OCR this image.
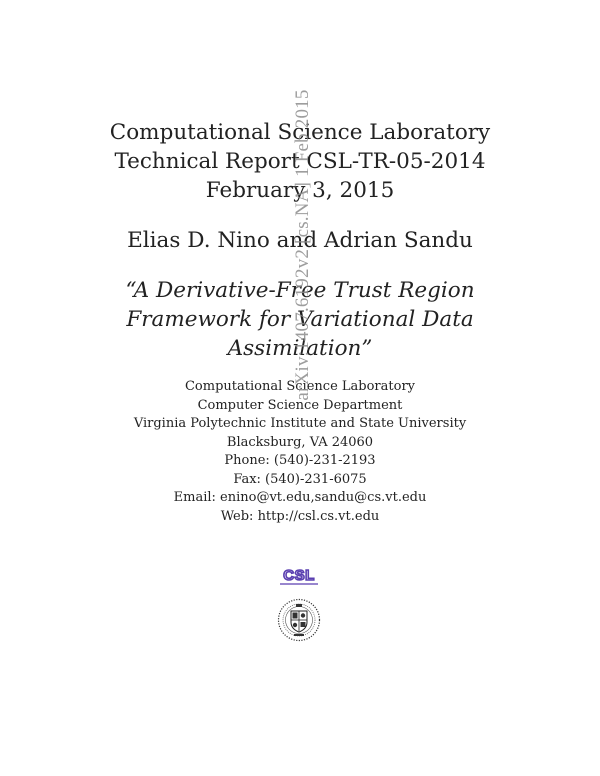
Computational Science Laboratory

Technical Report CSL-TR-05-2014

February 3, 2015

Elias D. Nino and Adrian Sandu

“A Derivative-Free Trust Region

Framework for Variational Data

Assimilation”

Computational Science Laboratory

Computer Science Department

Virginia Polytechnic Institute and State University

Blacksburg, VA 24060

Phone: (540)-231-2193

Fax: (540)-231-6075

Email: enino@vt.edu,sandu@cs.vt.edu

Web: http://csl.cs.vt.edu

arXiv:1407.6192v2 [cs.NA] 1 Feb 2015
CSL
